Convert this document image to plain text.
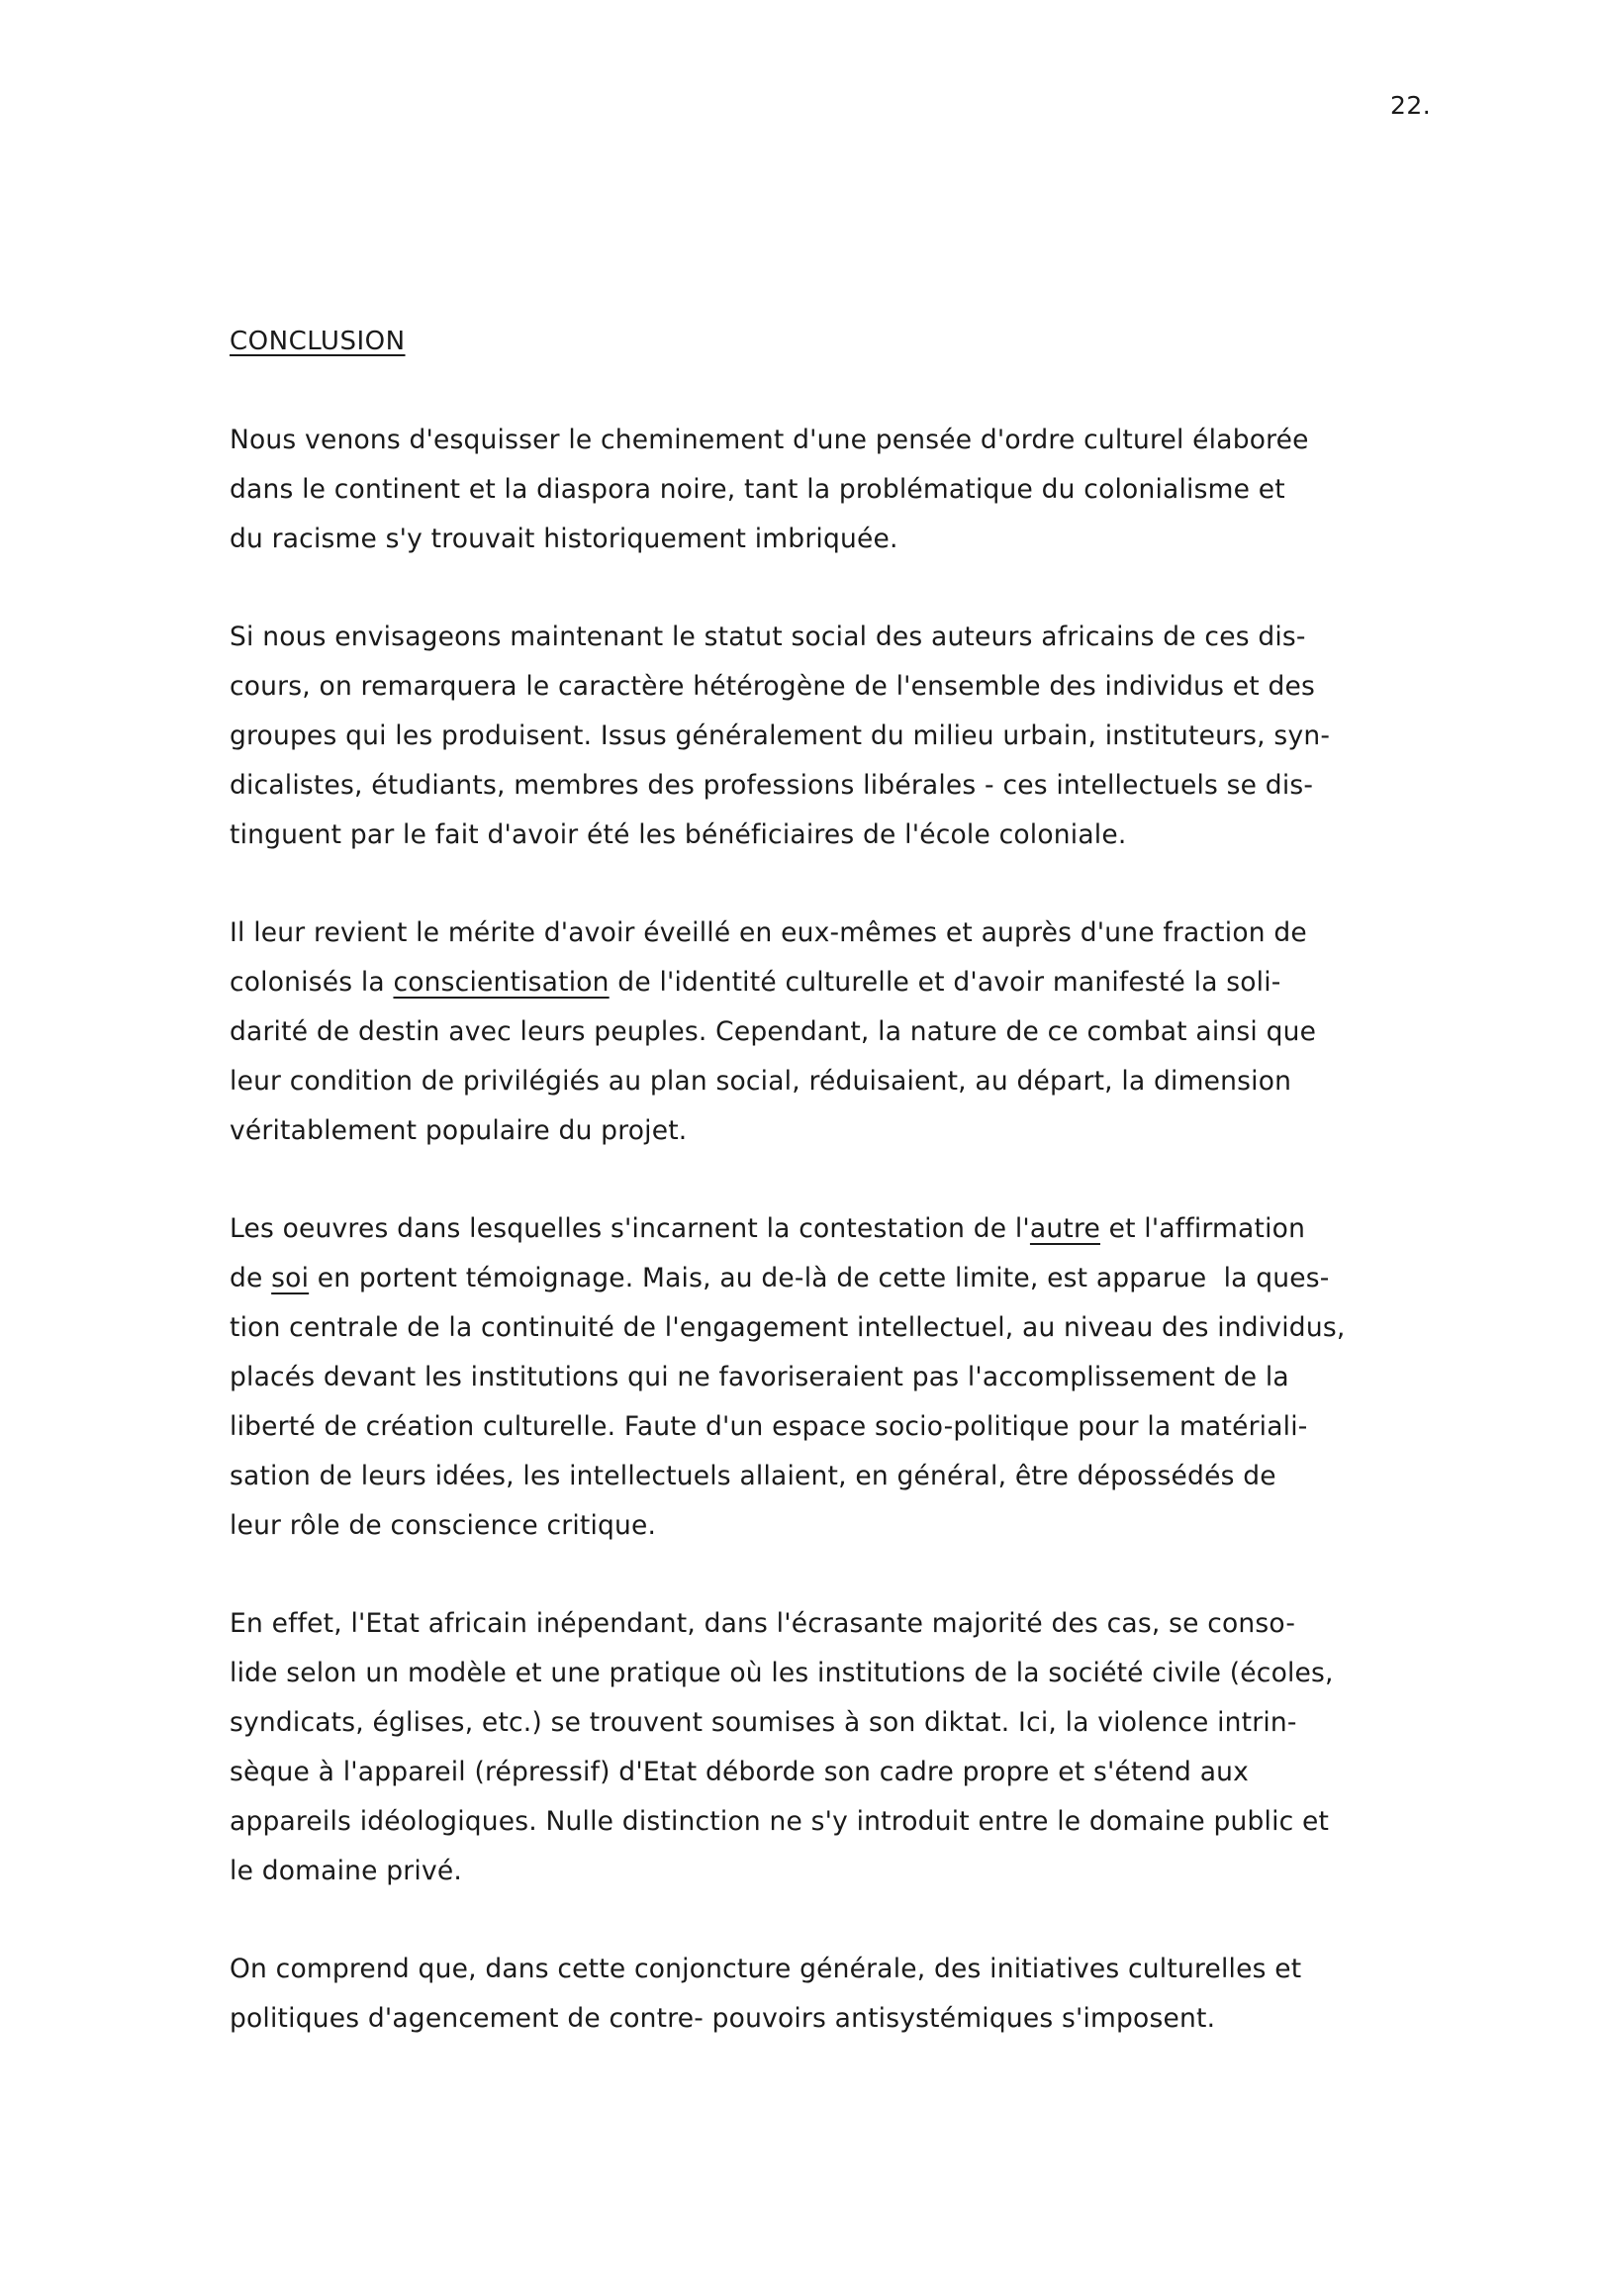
22.
CONCLUSION

Nous venons d'esquisser le cheminement d'une pensée d'ordre culturel élaborée
dans le continent et la diaspora noire, tant la problématique du colonialisme et
du racisme s'y trouvait historiquement imbriquée.

Si nous envisageons maintenant le statut social des auteurs africains de ces dis-
cours, on remarquera le caractère hétérogène de l'ensemble des individus et des
groupes qui les produisent. Issus généralement du milieu urbain, instituteurs, syn-
dicalistes, étudiants, membres des professions libérales - ces intellectuels se dis-
tinguent par le fait d'avoir été les bénéficiaires de l'école coloniale.

Il leur revient le mérite d'avoir éveillé en eux-mêmes et auprès d'une fraction de
colonisés la conscientisation de l'identité culturelle et d'avoir manifesté la soli-
darité de destin avec leurs peuples. Cependant, la nature de ce combat ainsi que
leur condition de privilégiés au plan social, réduisaient, au départ, la dimension
véritablement populaire du projet.

Les oeuvres dans lesquelles s'incarnent la contestation de l'autre et l'affirmation
de soi en portent témoignage. Mais, au de-là de cette limite, est apparue  la ques-
tion centrale de la continuité de l'engagement intellectuel, au niveau des individus,
placés devant les institutions qui ne favoriseraient pas l'accomplissement de la
liberté de création culturelle. Faute d'un espace socio-politique pour la matériali-
sation de leurs idées, les intellectuels allaient, en général, être dépossédés de
leur rôle de conscience critique.

En effet, l'Etat africain inépendant, dans l'écrasante majorité des cas, se conso-
lide selon un modèle et une pratique où les institutions de la société civile (écoles,
syndicats, églises, etc.) se trouvent soumises à son diktat. Ici, la violence intrin-
sèque à l'appareil (répressif) d'Etat déborde son cadre propre et s'étend aux
appareils idéologiques. Nulle distinction ne s'y introduit entre le domaine public et
le domaine privé.

On comprend que, dans cette conjoncture générale, des initiatives culturelles et
politiques d'agencement de contre- pouvoirs antisystémiques s'imposent.
